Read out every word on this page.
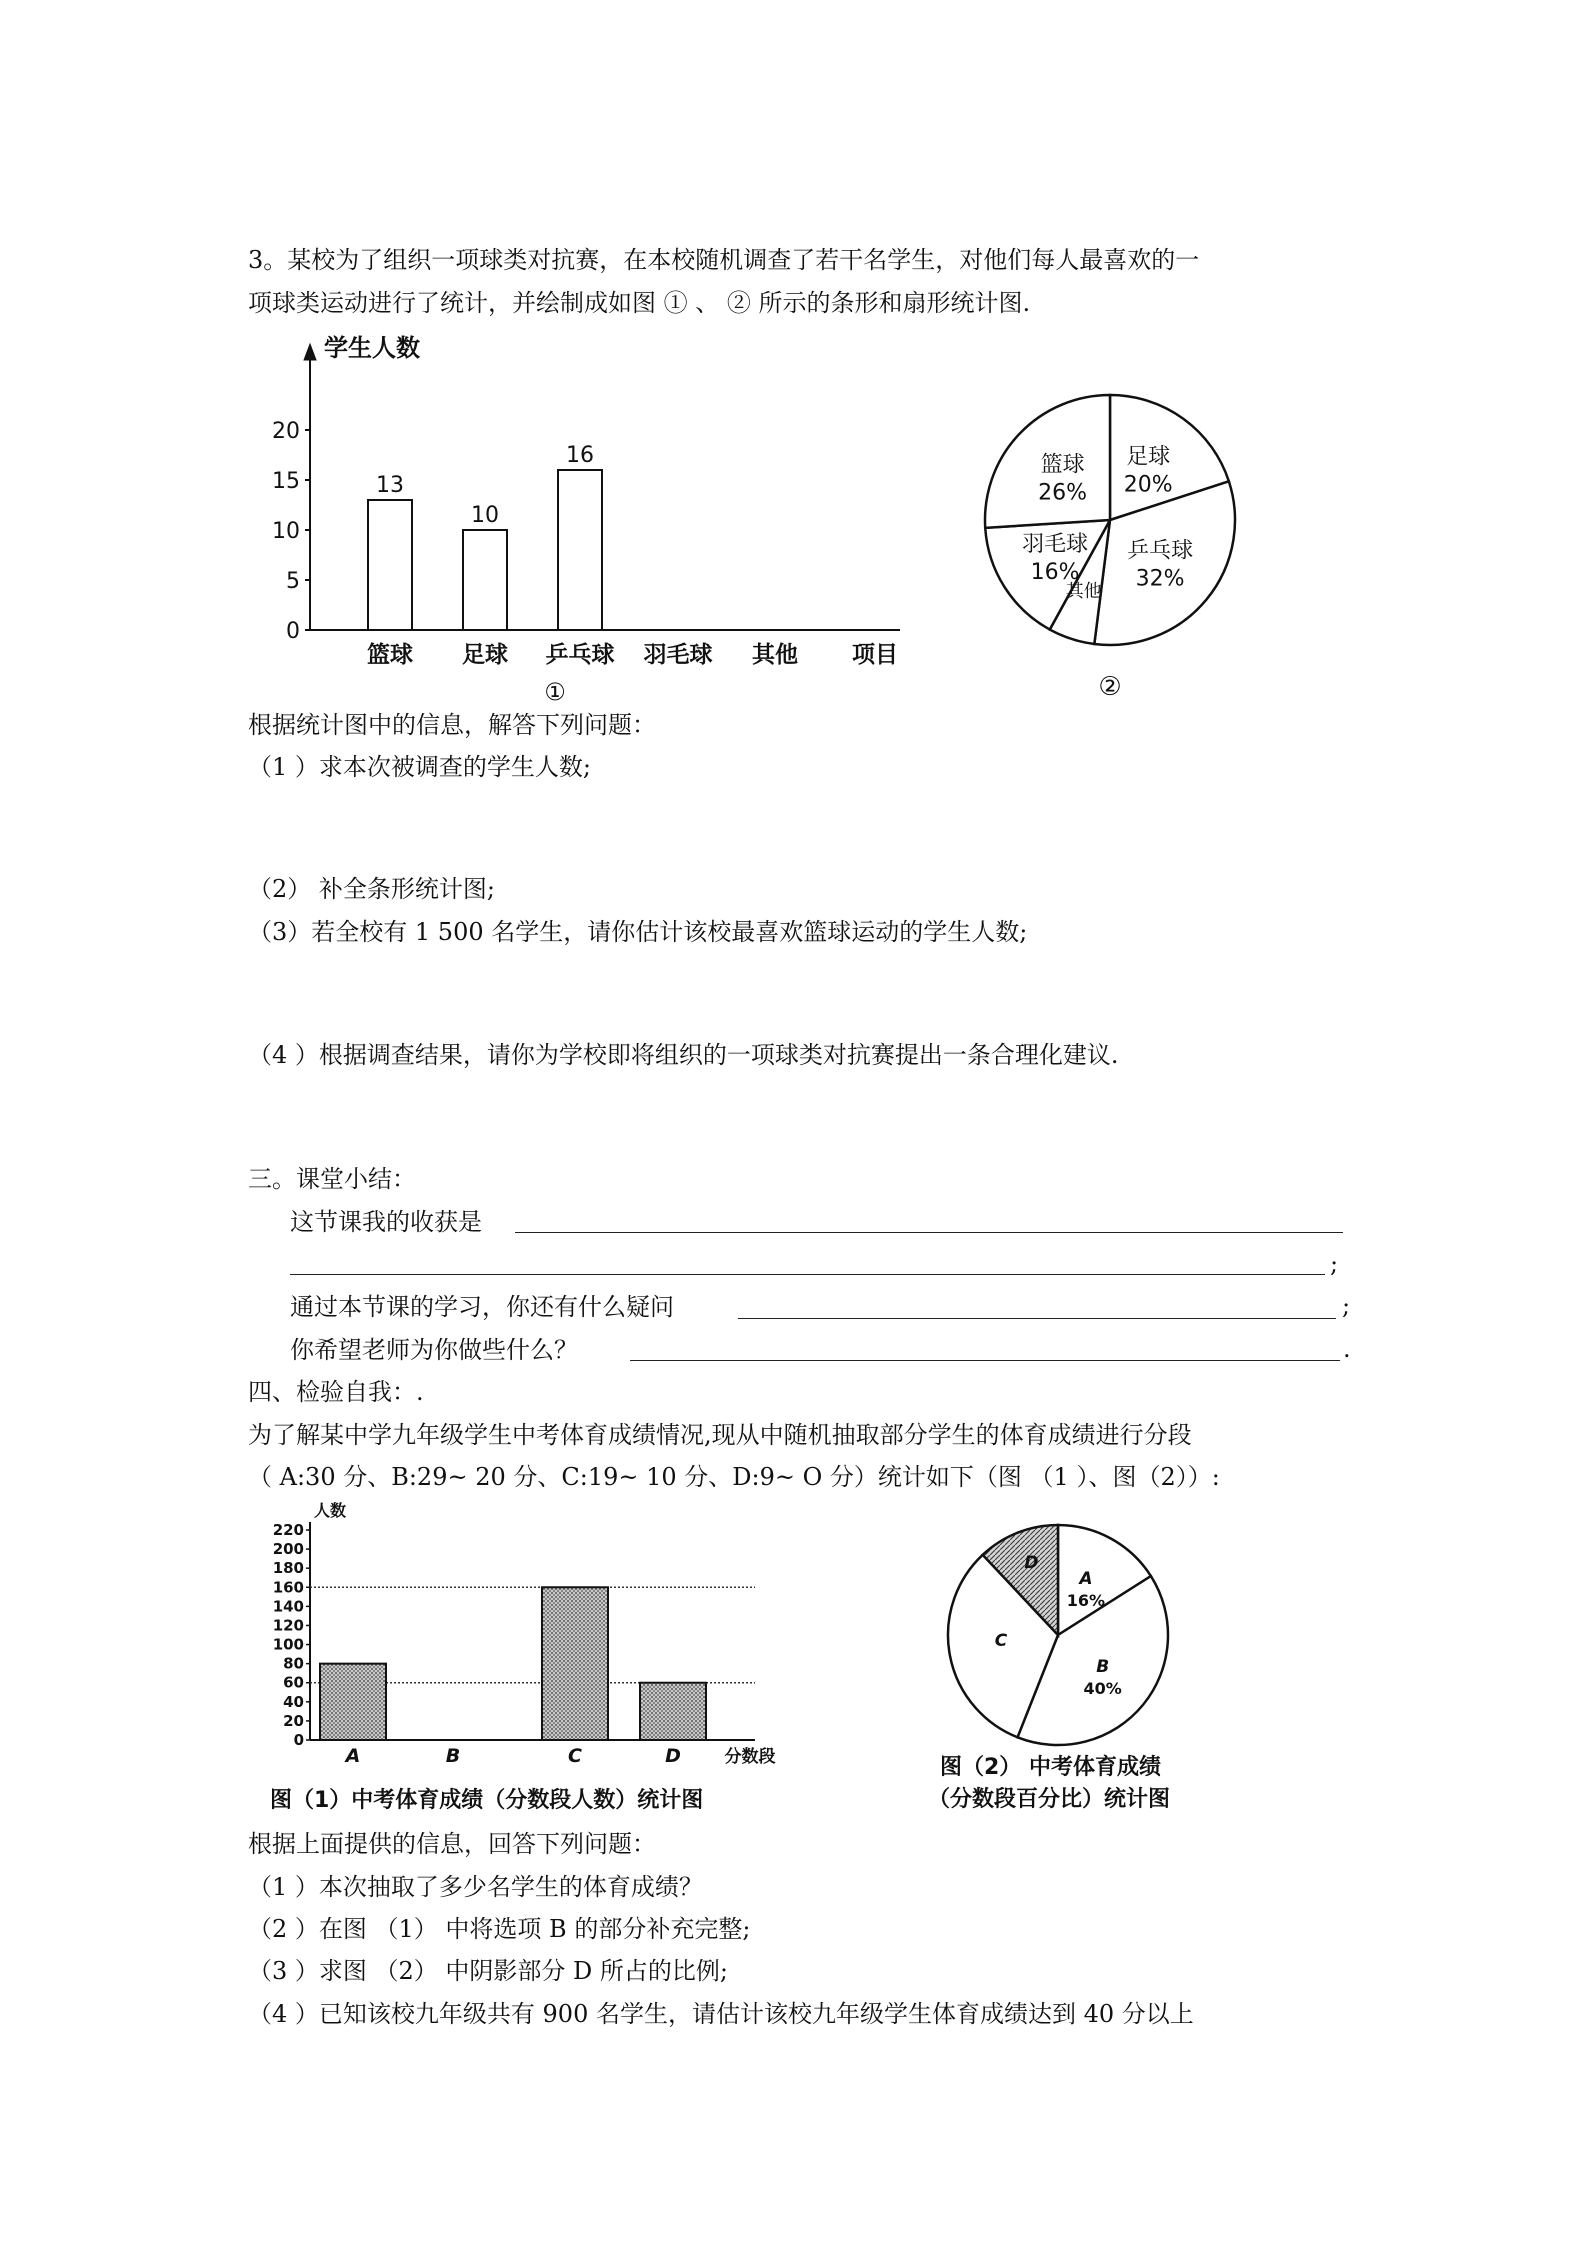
3。某校为了组织一项球类对抗赛，在本校随机调查了若干名学生，对他们每人最喜欢的一
项球类运动进行了统计，并绘制成如图 ① 、 ② 所示的条形和扇形统计图.
学生人数
0
5
10
15
20
篮球
13
足球
10
乒乓球
16
羽毛球 其他 项目
①
足球
20%
乒乓球
32%
其他
羽毛球
16%
篮球
26%
②
根据统计图中的信息，解答下列问题：
（1 ）求本次被调查的学生人数;
（2） 补全条形统计图;
（3）若全校有 1 500 名学生，请你估计该校最喜欢篮球运动的学生人数;
（4 ）根据调查结果，请你为学校即将组织的一项球类对抗赛提出一条合理化建议.
三。课堂小结：
这节课我的收获是
;
通过本节课的学习，你还有什么疑问	;
你希望老师为你做些什么？	.
四、检验自我：.
为了解某中学九年级学生中考体育成绩情况,现从中随机抽取部分学生的体育成绩进行分段
（ A:30 分、B:29~ 20 分、C:19~ 10 分、D:9~ O 分）统计如下（图 （1 ）、图（2））:
人数
0
20
40
60
80
100
120
140
160
180
200
220
A	B	C	D	分数段
图（1）中考体育成绩（分数段人数）统计图
A
16%
B
40%
C
D
图（2） 中考体育成绩
（分数段百分比）统计图
根据上面提供的信息，回答下列问题：
（1 ）本次抽取了多少名学生的体育成绩？
（2 ）在图 （1） 中将选项 B 的部分补充完整;
（3 ）求图 （2） 中阴影部分 D 所占的比例;
（4 ）已知该校九年级共有 900 名学生，请估计该校九年级学生体育成绩达到 40 分以上
